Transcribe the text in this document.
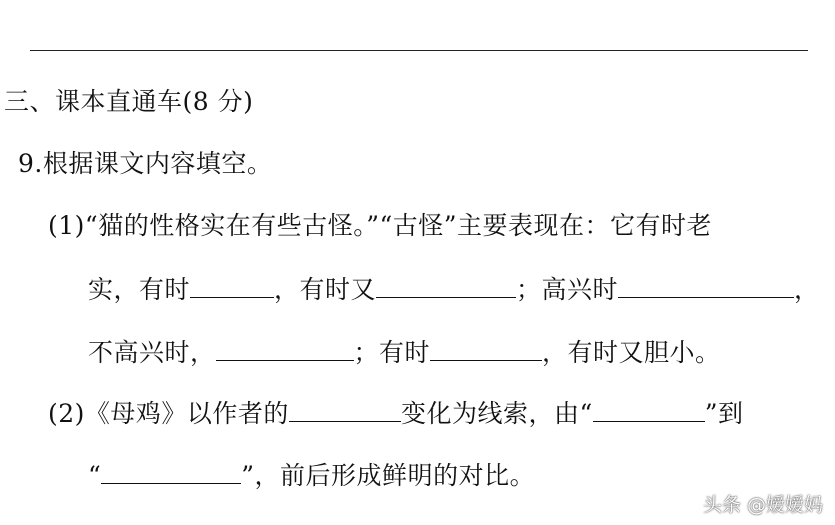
三、课本直通车(8 分)
9.根据课文内容填空。
(1)“猫的性格实在有些古怪。”“古怪”主要表现在：它有时老
实，有时	，有时又	；高兴时	，
不高兴时，	；有时	，有时又胆小。
(2)《母鸡》以作者的	变化为线索，由“	”到
“	”，前后形成鲜明的对比。
头条 @嫒嫒妈
